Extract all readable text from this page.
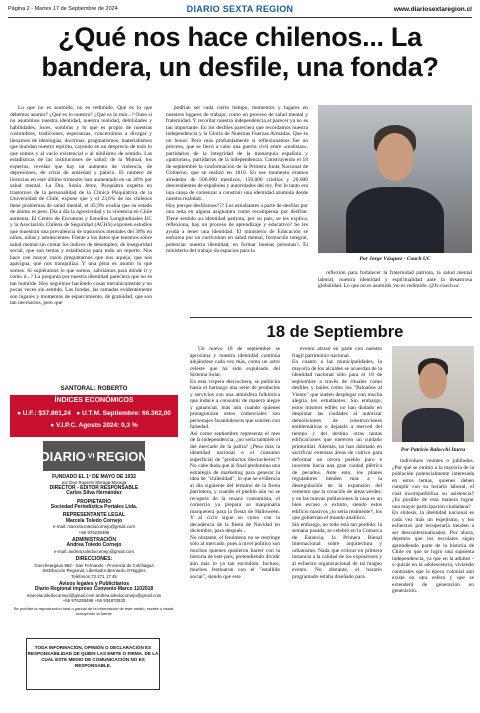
Página 2 - Martes 17 de Septiembre de 2024	DIARIO SEXTA REGION	www.diariosextaregion.cl
¿Qué nos hace chilenos... La bandera, un desfile, una fonda?

Lo que no es asumido, no es redimido. Qué es lo que debemos asumir? ¿Qué es lo nuestro? ¿Qué es lo mío...? Ouso si no asumimos nuestra identidad, nuestra realidad, debilidades y habilidades, luces, sombras y lo que es propio de nuestras costumbres, tradiciones, esperanzas, concernimos a divagar y llenarnos de ideologías, doctrinas, pragmatismos, materialismos que inundan nuestro espíritu, cayendo en un desprecio de todo lo que somos y al vacío existencial o al nihilismo de sentido. Las estadísticas de las instituciones de salud, de la Mutual, los expertos, revelan que hay un aumento de violencia, de depresiones, de crisis de ansiedad y pánico. El número de licencias en este último trimestre han aumentado en un 40% por salud mental. La Dra. Sonia Jerez, Psiquiatra experta en trastornos de la personalidad de la Clínica Psiquiátrica de la Universidad de Chile, expone que y el 23,6% de los chilenos tiene problemas de salud mental, el 45,9% evalúa que su estado de ánimo es peor. Día a día la agresividad y la violencia en Chile aumenta. El Centro de Encuestas y Estudios Longitudinales UC y la Asociación Chilena de Seguridad (ACHS) exponen estudios que muestran una prevalencia de trastornos mentales del 38% en niños, niñas y adolescentes. Frente a los datos que tenemos sobre salud mental sin contar los índices de desempleo, de inseguridad social, que son temas y estadísticas para todo un reporte. Nos hace con mayor razón preguntarnos que nos aqueja, que nos apacigua, que nos tranquiliza. Y una pista es asumir lo que somos. Si supiéramos lo que somos, sabríamos para dónde ir y como ir...? La pregunta por nuestra identidad pareciera que no es tan humilde. Hoy seguimos haciendo cosas mecánicamente y no pocas veces sin sentido. Las fondas, las ramadas evidentemente son lugares y momentos de esparcimiento, de gratuidad, que son tan necesarios, pero que

podrían ser cada cierto tiempo, momentos y lugares en nuestros lugares de trabajo, como un proceso de salud mental y fraternidad. Y recordar nuestra independencia al parecer ya no es tan importante. En los desfiles pareciera que recordamos nuestra independencia y la Gloria de Nuestras Fuerzas Armadas. Que es un honor. Pero más profundamente si reflexionamos fue un proceso, que se llevó a cabo una guerra civil entre «realistas», partidarios de la integridad de la monarquía española y «patriotas», partidarios de la independencia. Construyendo el 18 de septiembre la conformación de la Primera Junta Nacional de Gobierno, que se realizó en 1810. En ese momento éramos alrededor de 500.000 mestizos, 150.000 criollos y 20.000 descendientes de españoles y autoridades del rey. Por lo tanto era una causa de comenzar a construir una identidad azumida desde nuestra realidad.
Hoy porque desfilamos??? Los estudiantes a parte de desfilar por una nota en alguna asignatura como recompensa por desfilar. Tiene sentido su identidad patriota, por su país, se les explica, reflexiona, hay un proceso de aprendizaje y educativo? Se les ayuda a tener una identidad. El ministerio de Educación se enfurrea por un currículum en salud mental, formación integral, potenciar nuestra identidad, en formar buenas personas?. El ministerio del trabajo da espacios para la

Por Jorge Vásquez - Coach UC

reflexión para fortalecer la fraternidad patriota, la salud mental laboral, nuestra identidad y espiritualidad ante la desastrosa globalidad. Lo que no es asumido, no es redimido. @Jv.coach.uc

18 de Septiembre

Un nuevo 18 de septiembre se aproxima y nuestra identidad continúa alejándose cada vez más, como un astro celeste que ha sido expulsado del Sistema Solar.
En esta víspera dieciochera, se publicita hasta el hartazgo una serie de productos y servicios con una atmósfera folklórica que induce a consumir de manera alegre y ganancial, más aún cuando quienes protagonizan estos comerciales son personajes farandulescos que sonríen con falsedad.
Así como septiembre representa el mes de la independencia, ¿no sería también el del mercado de la patria? ¿Pesa más la identidad nacional o el consumo superficial de "productos dieciocheros"? No cabe duda que al final predomina una estrategia de marketing para generar la idea de "chilenidad", lo que se evidencia al día siguiente del término de la fiesta patriotera, y cuando el pueblo aún no se recupera de la resaca consumista, el comercio ya prepara su maquinaria marquetera para la fiesta de Halloween. Y al ciclo sigue su curso con la decadencia de la fiesta de Navidad en diciembre, para después...
No obstante, el fenómeno no se restringe sólo al mercado, pues a nivel político son muchos quienes quisieron barrer con la historia de este país, pretendiendo dividir aún más lo ya tan escindido. Incluso, muchos festinaron con el "estallido social", siendo que este

evento atrasó en parte con nuestro frágil patrimonio nacional.
En cuanto a las municipalidades, la mayoría de los alcaldes se acuerdan de la identidad nacional sólo para el 18 de septiembre a través de rituales como desfiles y bailes como los "Paloaños al Viento" que suelen desplegar con mucha alegría los estudiantes. Sin embargo, estos mismos ediles no han dudado en despintar las ciudades al autorizar demoliciones de construcciones emblemáticas o dejando a merced del tiempo y del destino otras tantas edificaciones que merecen un cuidado primordial. Además, no han dubitado en sacrificar extensas áreas de cultivo para deformar un otrora pueblo puro e inocente hacia una gran ciudad plétrica de pecados. Ante esto, los planes reguladores tienden más a la desregulación de la expansión del cemento que la creación de áreas verdes; y en las nuevas poblaciones la casa es un bien escaso o extinto, siendo estos edificio masivos ¿lo sería realmente?, los que gobiernan el mundo analítico.
Sin embargo, no todo está tan perdido: la semana pasada, se celebró en la Comarca de Estancia, la Primera Bienal Internacional sobre arquitectura y urbanismo. Nada que criticar en primera instancia a la calidad de los expositores y al esfuerzo organizacional de tal magno evento. No obstante, el horario programado estaba diseñado para

Por Patricio Balocchi Iturra

individuos ceuntes o jubilados. ¿Por qué se omitió a la mayoría de la población potencialmente interesada en estos temas, quienes deben cumplir con su horario laboral, el cual incompatibiliza su asistencia? ¿Es posible de esta manera lograr una mayor participación ciudadana?
En síntesis, la identidad nacional es cada vez más un espejismo, y los esfuerzos por recuperarla tienden a ser descontextualizados. Por ahora, dejemos que los escolares sigan aprendiendo parte de la historia de Chile en que se logró una supuesta independencia, ya que en la adultez -o quizás en la adolescencia, viviendo contrastes que la época colonial aún existe en otra esfera y que se extenderá de generación en generación.

SANTORAL: ROBERTO
ÍNDICES ECONÓMICOS
● U.F.: $37.861,24 ● U.T.M. Septiembre: 66.362,00
● V.I.P.C. Agosto 2024: 0,3 %
DIARIO VI REGION
FUNDADO EL 1º DE MAYO DE 1932
por Don Ruperto Moraga Moraga
DIRECTOR - EDITOR RESPONSABLE
Carlos Silva Hernández
PROPIETARIO
Sociedad Periodística Portales Ltda.
REPRESENTANTE LEGAL
Marcela Toledo Cornejo
e-mail: marcela.toledocornejo@gmail.com
+56 976235496
ADMINISTRACIÓN
Andrea Toledo Cornejo
e-mail: andrea.toledocornejo@gmail.com
DIRECCIONES:
Goecheargaus 952 - San Fernando - Provincia de Colchagua
Distribución Regional, Libertador Bernardo O'Higgins
Teléfonos 72 271 17 45
Avisos legales y Publicitarios
Diario Regional impreso Convenio Marco 1102018
marcela.toledocornejo@gmail.com andrea.toledocornejo@gmail.com
+56 976235496 +56 934870533
Se prohíbe la reproducción total o parcial de la información de este medio, escrita o visual, incluyendo la fuente
TODA INFORMACIÓN, OPINIÓN O DECLARACIÓN ES RESPONSABILIDAD DE QUIEN LAS EMITE O FIRMA. DE LA CUAL ESTE MEDIO DE COMUNICACIÓN NO ES RESPONSABLE.
